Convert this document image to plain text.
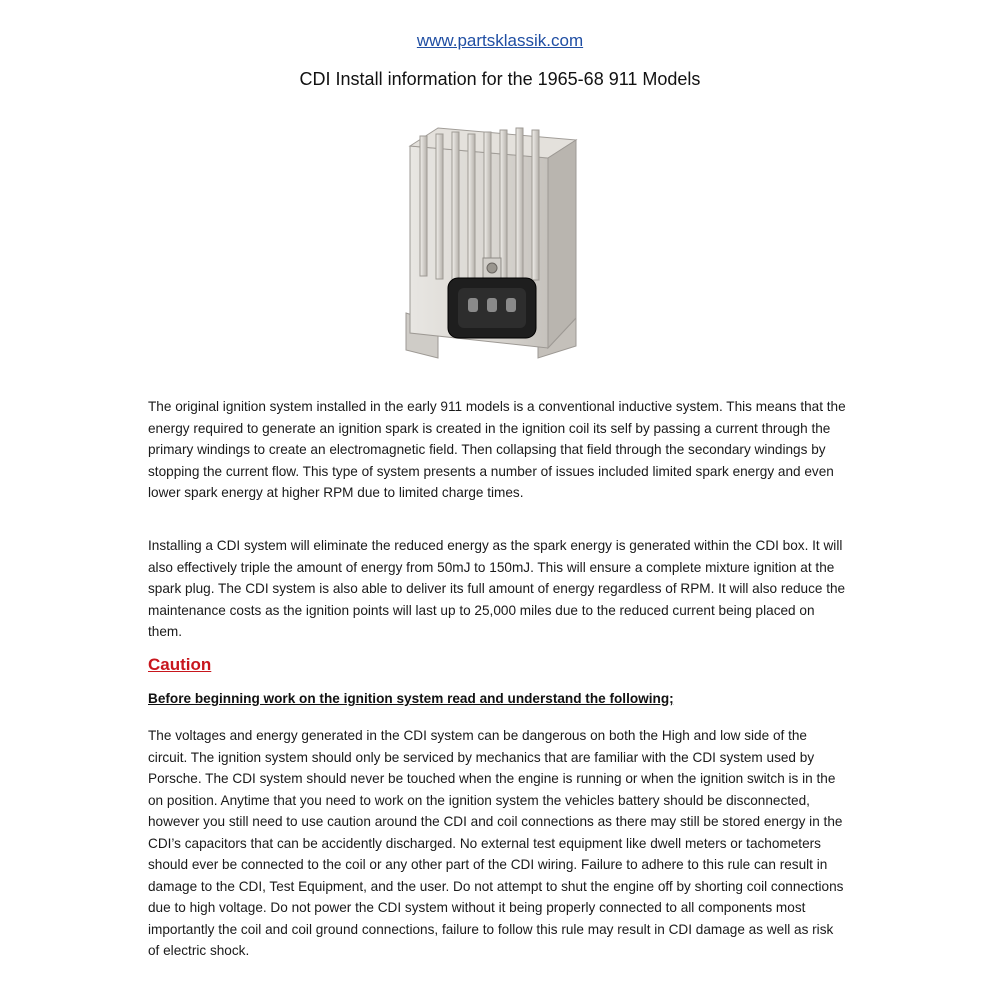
www.partsklassik.com
CDI Install information for the 1965-68 911 Models

The original ignition system installed in the early 911 models is a conventional inductive system. This means that the energy required to generate an ignition spark is created in the ignition coil its self by passing a current through the primary windings to create an electromagnetic field. Then collapsing that field through the secondary windings by stopping the current flow. This type of system presents a number of issues included limited spark energy and even lower spark energy at higher RPM due to limited charge times.

Installing a CDI system will eliminate the reduced energy as the spark energy is generated within the CDI box. It will also effectively triple the amount of energy from 50mJ to 150mJ. This will ensure a complete mixture ignition at the spark plug. The CDI system is also able to deliver its full amount of energy regardless of RPM. It will also reduce the maintenance costs as the ignition points will last up to 25,000 miles due to the reduced current being placed on them.

Caution
Before beginning work on the ignition system read and understand the following;

The voltages and energy generated in the CDI system can be dangerous on both the High and low side of the circuit. The ignition system should only be serviced by mechanics that are familiar with the CDI system used by Porsche. The CDI system should never be touched when the engine is running or when the ignition switch is in the on position. Anytime that you need to work on the ignition system the vehicles battery should be disconnected, however you still need to use caution around the CDI and coil connections as there may still be stored energy in the CDI’s capacitors that can be accidently discharged. No external test equipment like dwell meters or tachometers should ever be connected to the coil or any other part of the CDI wiring. Failure to adhere to this rule can result in damage to the CDI, Test Equipment, and the user. Do not attempt to shut the engine off by shorting coil connections due to high voltage. Do not power the CDI system without it being properly connected to all components most importantly the coil and coil ground connections, failure to follow this rule may result in CDI damage as well as risk of electric shock.
